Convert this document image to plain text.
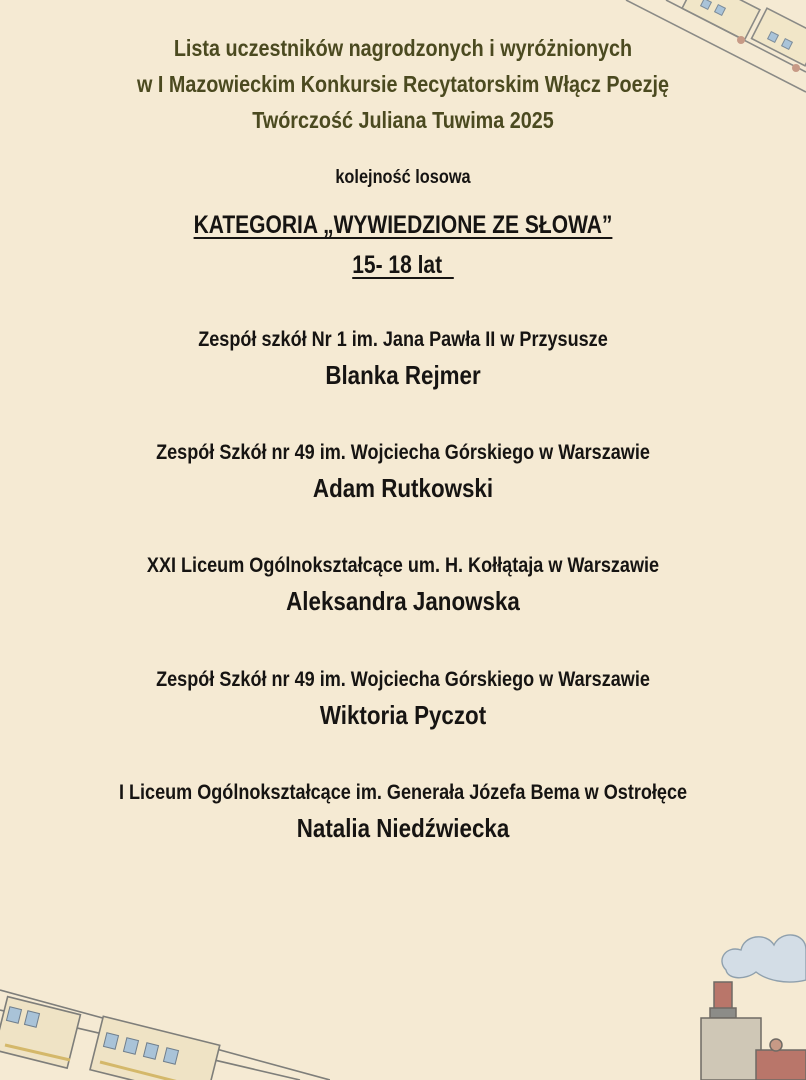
Lista uczestników nagrodzonych i wyróżnionych
w I Mazowieckim Konkursie Recytatorskim Włącz Poezję
Twórczość Juliana Tuwima 2025
kolejność losowa
KATEGORIA „WYWIEDZIONE ZE SŁOWA”
15- 18 lat
Zespół szkół Nr 1 im. Jana Pawła II w Przysusze
Blanka Rejmer
Zespół Szkół nr 49 im. Wojciecha Górskiego w Warszawie
Adam Rutkowski
XXI Liceum Ogólnokształcące um. H. Kołłątaja w Warszawie
Aleksandra Janowska
Zespół Szkół nr 49 im. Wojciecha Górskiego w Warszawie
Wiktoria Pyczot
I Liceum Ogólnokształcące im. Generała Józefa Bema w Ostrołęce
Natalia Niedźwiecka
